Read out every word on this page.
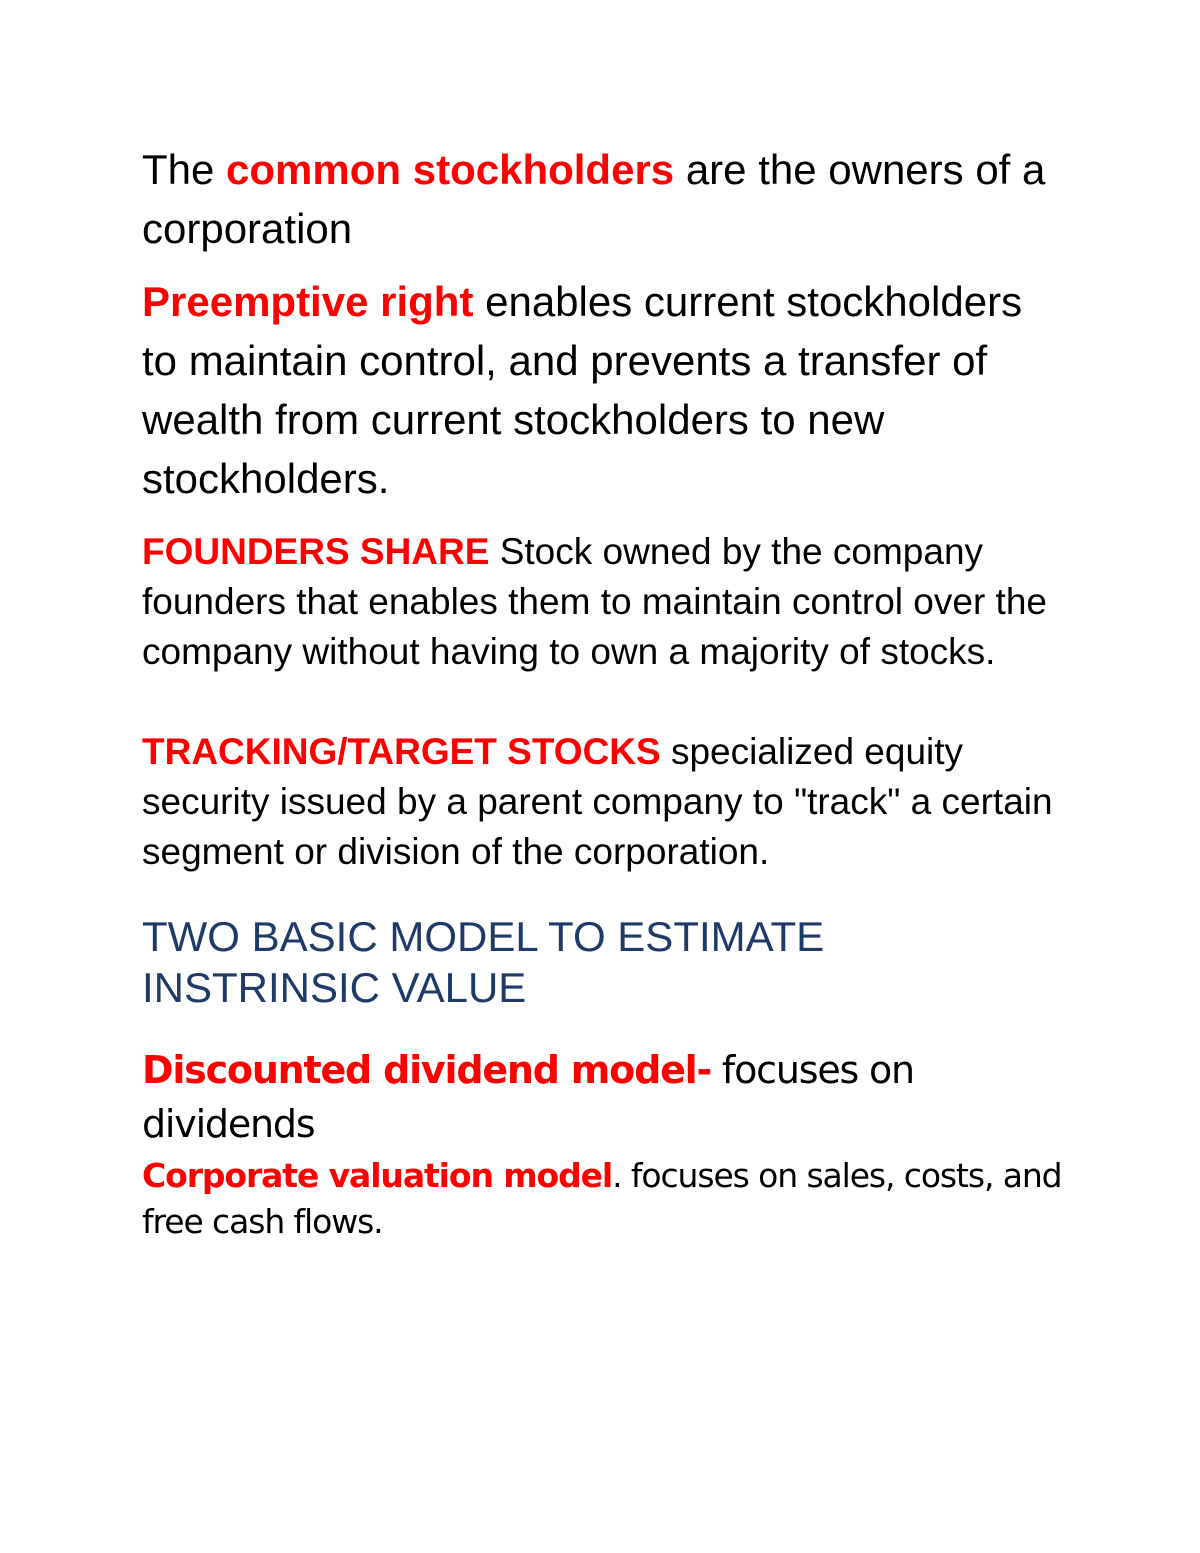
The common stockholders are the owners of a corporation

Preemptive right enables current stockholders to maintain control, and prevents a transfer of wealth from current stockholders to new stockholders.

FOUNDERS SHARE Stock owned by the company founders that enables them to maintain control over the company without having to own a majority of stocks.

TRACKING/TARGET STOCKS specialized equity security issued by a parent company to "track" a certain segment or division of the corporation.

TWO BASIC MODEL TO ESTIMATE INSTRINSIC VALUE

Discounted dividend model- focuses on dividends

Corporate valuation model. focuses on sales, costs, and free cash flows.
